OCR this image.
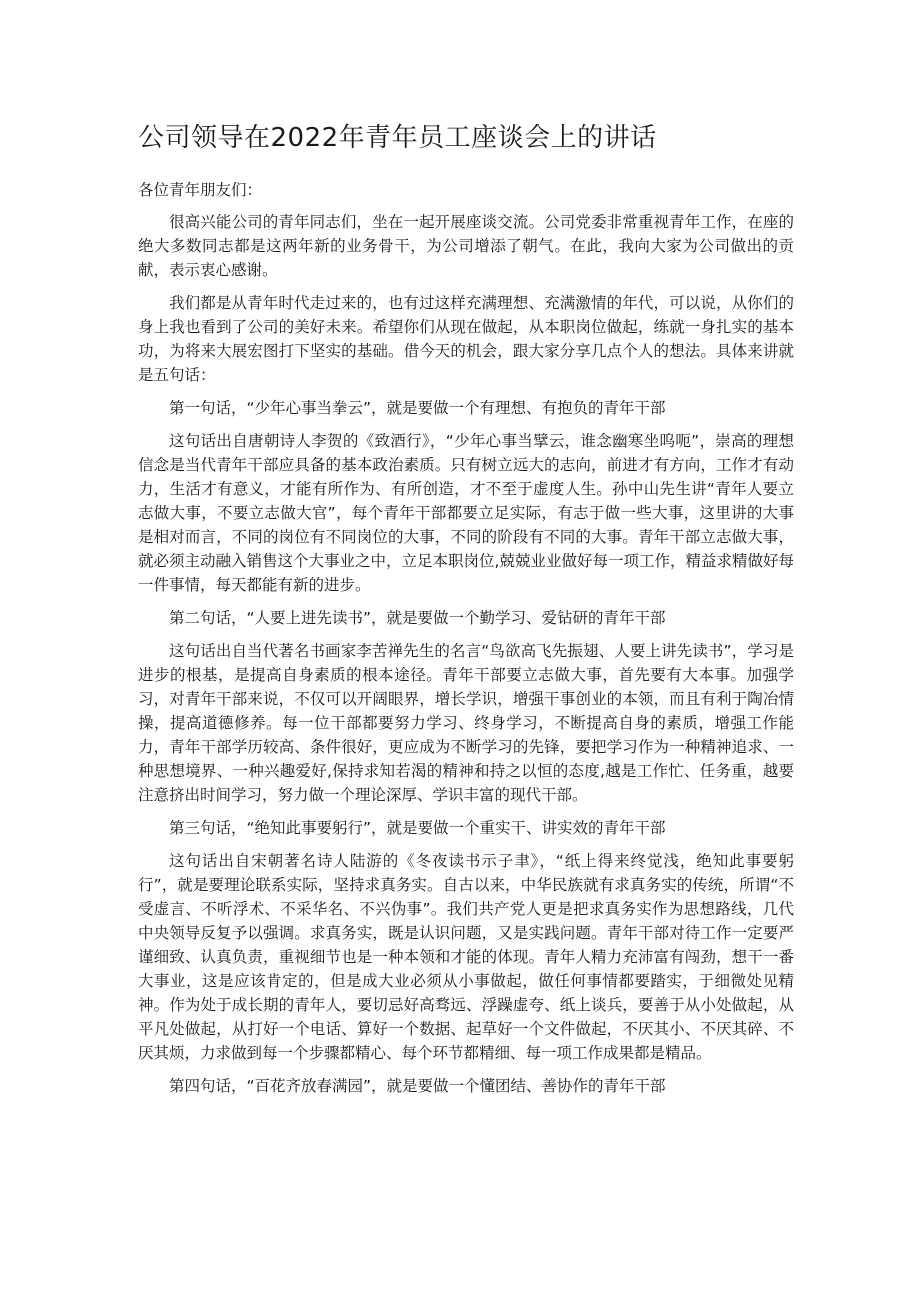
公司领导在2022年青年员工座谈会上的讲话

各位青年朋友们：

很高兴能公司的青年同志们，坐在一起开展座谈交流。公司党委非常重视青年工作，在座的绝大多数同志都是这两年新的业务骨干，为公司增添了朝气。在此，我向大家为公司做出的贡献，表示衷心感谢。

我们都是从青年时代走过来的，也有过这样充满理想、充满激情的年代，可以说，从你们的身上我也看到了公司的美好未来。希望你们从现在做起，从本职岗位做起，练就一身扎实的基本功，为将来大展宏图打下坚实的基础。借今天的机会，跟大家分享几点个人的想法。具体来讲就是五句话：

第一句话，“少年心事当拳云”，就是要做一个有理想、有抱负的青年干部

这句话出自唐朝诗人李贺的《致酒行》，“少年心事当擘云，谁念幽寒坐呜呃”，崇高的理想信念是当代青年干部应具备的基本政治素质。只有树立远大的志向，前进才有方向，工作才有动力，生活才有意义，才能有所作为、有所创造，才不至于虚度人生。孙中山先生讲“青年人要立志做大事，不要立志做大官”，每个青年干部都要立足实际，有志于做一些大事，这里讲的大事是相对而言，不同的岗位有不同岗位的大事，不同的阶段有不同的大事。青年干部立志做大事，就必须主动融入销售这个大事业之中，立足本职岗位,兢兢业业做好每一项工作，精益求精做好每一件事情，每天都能有新的进步。

第二句话，“人要上进先读书”，就是要做一个勤学习、爱钻研的青年干部

这句话出自当代著名书画家李苦禅先生的名言“鸟欲高飞先振翅、人要上讲先读书”，学习是进步的根基，是提高自身素质的根本途径。青年干部要立志做大事，首先要有大本事。加强学习，对青年干部来说，不仅可以开阔眼界，增长学识，增强干事创业的本领，而且有利于陶冶情操，提高道德修养。每一位干部都要努力学习、终身学习，不断提高自身的素质，增强工作能力，青年干部学历较高、条件很好，更应成为不断学习的先锋，要把学习作为一种精神追求、一种思想境界、一种兴趣爱好,保持求知若渴的精神和持之以恒的态度,越是工作忙、任务重，越要注意挤出时间学习，努力做一个理论深厚、学识丰富的现代干部。

第三句话，“绝知此事要躬行”，就是要做一个重实干、讲实效的青年干部

这句话出自宋朝著名诗人陆游的《冬夜读书示子聿》，“纸上得来终觉浅，绝知此事要躬行”，就是要理论联系实际，坚持求真务实。自古以来，中华民族就有求真务实的传统，所谓“不受虚言、不听浮术、不采华名、不兴伪事”。我们共产党人更是把求真务实作为思想路线，几代中央领导反复予以强调。求真务实，既是认识问题，又是实践问题。青年干部对待工作一定要严谨细致、认真负责，重视细节也是一种本领和才能的体现。青年人精力充沛富有闯劲，想干一番大事业，这是应该肯定的，但是成大业必须从小事做起，做任何事情都要踏实，于细微处见精神。作为处于成长期的青年人，要切忌好高骛远、浮躁虚夸、纸上谈兵，要善于从小处做起，从平凡处做起，从打好一个电话、算好一个数据、起草好一个文件做起，不厌其小、不厌其碎、不厌其烦，力求做到每一个步骤都精心、每个环节都精细、每一项工作成果都是精品。

第四句话，“百花齐放春满园”，就是要做一个懂团结、善协作的青年干部
